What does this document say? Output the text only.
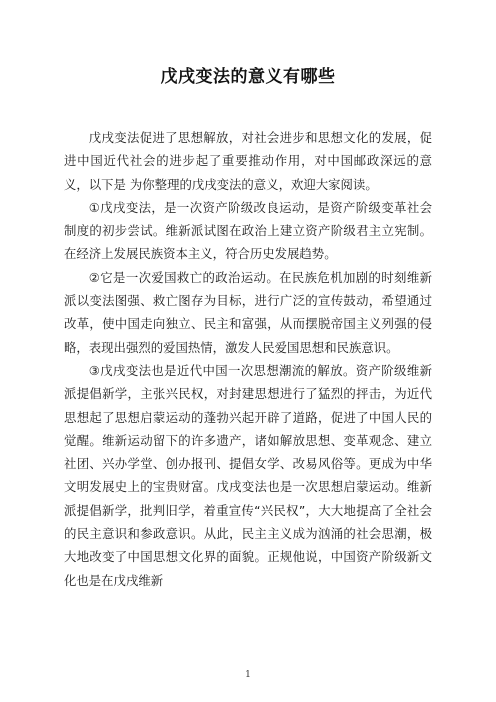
戊戌变法的意义有哪些

戊戌变法促进了思想解放，对社会进步和思想文化的发展，促进中国近代社会的进步起了重要推动作用，对中国邮政深远的意义，以下是 为你整理的戊戌变法的意义，欢迎大家阅读。

①戊戌变法，是一次资产阶级改良运动，是资产阶级变革社会制度的初步尝试。维新派试图在政治上建立资产阶级君主立宪制。在经济上发展民族资本主义，符合历史发展趋势。

②它是一次爱国救亡的政治运动。在民族危机加剧的时刻维新派以变法图强、救亡图存为目标，进行广泛的宣传鼓动，希望通过改革，使中国走向独立、民主和富强，从而摆脱帝国主义列强的侵略，表现出强烈的爱国热情，激发人民爱国思想和民族意识。

③戊戌变法也是近代中国一次思想潮流的解放。资产阶级维新派提倡新学，主张兴民权，对封建思想进行了猛烈的抨击，为近代思想起了思想启蒙运动的蓬勃兴起开辟了道路，促进了中国人民的觉醒。维新运动留下的许多遗产，诸如解放思想、变革观念、建立社团、兴办学堂、创办报刊、提倡女学、改易风俗等。更成为中华文明发展史上的宝贵财富。戊戌变法也是一次思想启蒙运动。维新派提倡新学，批判旧学，着重宣传“兴民权”，大大地提高了全社会的民主意识和参政意识。从此，民主主义成为汹涌的社会思潮，极大地改变了中国思想文化界的面貌。正规他说，中国资产阶级新文化也是在戊戌维新

1
